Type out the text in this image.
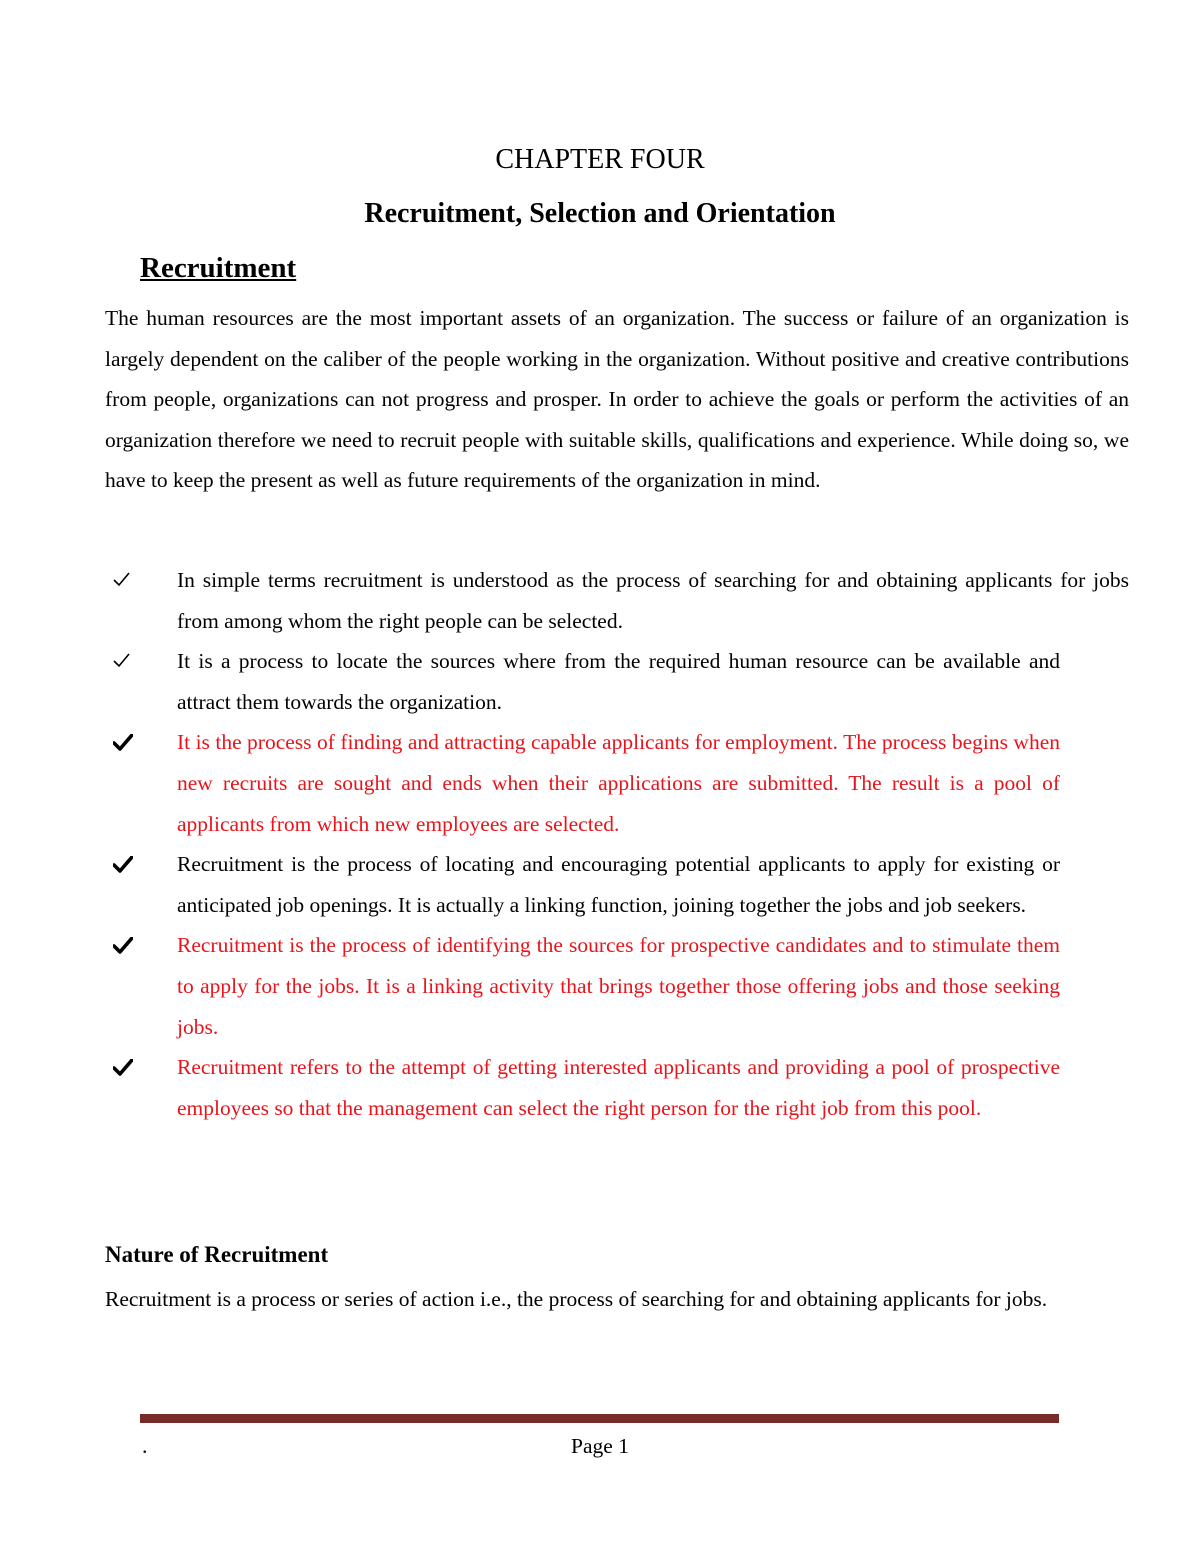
CHAPTER FOUR
Recruitment, Selection and Orientation
Recruitment

The human resources are the most important assets of an organization. The success or failure of an organization is largely dependent on the caliber of the people working in the organization. Without positive and creative contributions from people, organizations can not progress and prosper. In order to achieve the goals or perform the activities of an organization therefore we need to recruit people with suitable skills, qualifications and experience. While doing so, we have to keep the present as well as future requirements of the organization in mind.

In simple terms recruitment is understood as the process of searching for and obtaining applicants for jobs from among whom the right people can be selected.
It is a process to locate the sources where from the required human resource can be available and attract them towards the organization.
It is the process of finding and attracting capable applicants for employment. The process begins when new recruits are sought and ends when their applications are submitted. The result is a pool of applicants from which new employees are selected.
Recruitment is the process of locating and encouraging potential applicants to apply for existing or anticipated job openings. It is actually a linking function, joining together the jobs and job seekers.
Recruitment is the process of identifying the sources for prospective candidates and to stimulate them to apply for the jobs. It is a linking activity that brings together those offering jobs and those seeking jobs.
Recruitment refers to the attempt of getting interested applicants and providing a pool of prospective employees so that the management can select the right person for the right job from this pool.
Nature of Recruitment

Recruitment is a process or series of action i.e., the process of searching for and obtaining applicants for jobs.

.	Page 1
